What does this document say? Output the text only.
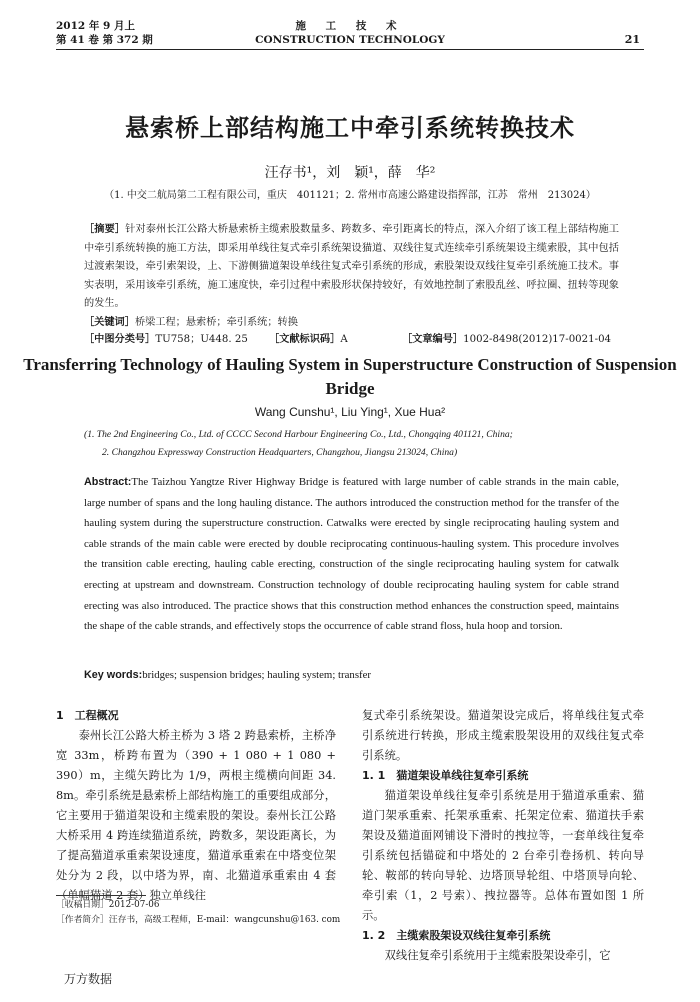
2012 年 9 月上
第 41 卷 第 372 期
施 工 技 术
CONSTRUCTION TECHNOLOGY	21
悬索桥上部结构施工中牵引系统转换技术
汪存书¹，刘　颖¹，薛　华²
（1. 中交二航局第二工程有限公司，重庆　401121；2. 常州市高速公路建设指挥部，江苏　常州　213024）
［摘要］针对泰州长江公路大桥悬索桥主缆索股数量多、跨数多、牵引距离长的特点，深入介绍了该工程上部结构施工中牵引系统转换的施工方法，即采用单线往复式牵引系统架设猫道、双线往复式连续牵引系统架设主缆索股，其中包括过渡索架设，牵引索架设，上、下游侧猫道架设单线往复式牵引系统的形成，索股架设双线往复牵引系统施工技术。事实表明，采用该牵引系统，施工速度快，牵引过程中索股形状保持较好，有效地控制了索股乱丝、呼拉圈、扭转等现象的发生。
［关键词］桥梁工程；悬索桥；牵引系统；转换
［中图分类号］TU758；U448. 25 ［文献标识码］A	［文章编号］1002-8498(2012)17-0021-04
Transferring Technology of Hauling System in Superstructure Construction of Suspension Bridge
Wang Cunshu¹, Liu Ying¹, Xue Hua²
(1. The 2nd Engineering Co., Ltd. of CCCC Second Harbour Engineering Co., Ltd., Chongqing 401121, China;
2. Changzhou Expressway Construction Headquarters, Changzhou, Jiangsu 213024, China)
Abstract:The Taizhou Yangtze River Highway Bridge is featured with large number of cable strands in the main cable, large number of spans and the long hauling distance. The authors introduced the construction method for the transfer of the hauling system during the superstructure construction. Catwalks were erected by single reciprocating hauling system and cable strands of the main cable were erected by double reciprocating continuous-hauling system. This procedure involves the transition cable erecting, hauling cable erecting, construction of the single reciprocating hauling system for catwalk erecting at upstream and downstream. Construction technology of double reciprocating hauling system for cable strand erecting was also introduced. The practice shows that this construction method enhances the construction speed, maintains the shape of the cable strands, and effectively stops the occurrence of cable strand floss, hula hoop and torsion.
Key words:bridges; suspension bridges; hauling system; transfer

1　工程概况

泰州长江公路大桥主桥为 3 塔 2 跨悬索桥，主桥净宽 33m，桥跨布置为（390 + 1 080 + 1 080 + 390）m，主缆矢跨比为 1/9，两根主缆横向间距 34. 8m。牵引系统是悬索桥上部结构施工的重要组成部分，它主要用于猫道架设和主缆索股的架设。泰州长江公路大桥采用 4 跨连续猫道系统，跨数多，架设距离长，为了提高猫道承重索架设速度，猫道承重索在中塔变位架处分为 2 段，以中塔为界，南、北猫道承重索由 4 套（单幅猫道 2 套）独立单线往

复式牵引系统架设。猫道架设完成后，将单线往复式牵引系统进行转换，形成主缆索股架设用的双线往复式牵引系统。

1. 1　猫道架设单线往复牵引系统

猫道架设单线往复牵引系统是用于猫道承重索、猫道门架承重索、托架承重索、托架定位索、猫道扶手索架设及猫道面网铺设下滑时的拽拉等，一套单线往复牵引系统包括锚碇和中塔处的 2 台牵引卷扬机、转向导轮、鞍部的转向导轮、边塔顶导轮组、中塔顶导向轮、牵引索（1，2 号索）、拽拉器等。总体布置如图 1 所示。

1. 2　主缆索股架设双线往复牵引系统

双线往复牵引系统用于主缆索股架设牵引，它

［收稿日期］2012-07-06
［作者简介］汪存书，高级工程师，E-mail：wangcunshu@163. com
万方数据
